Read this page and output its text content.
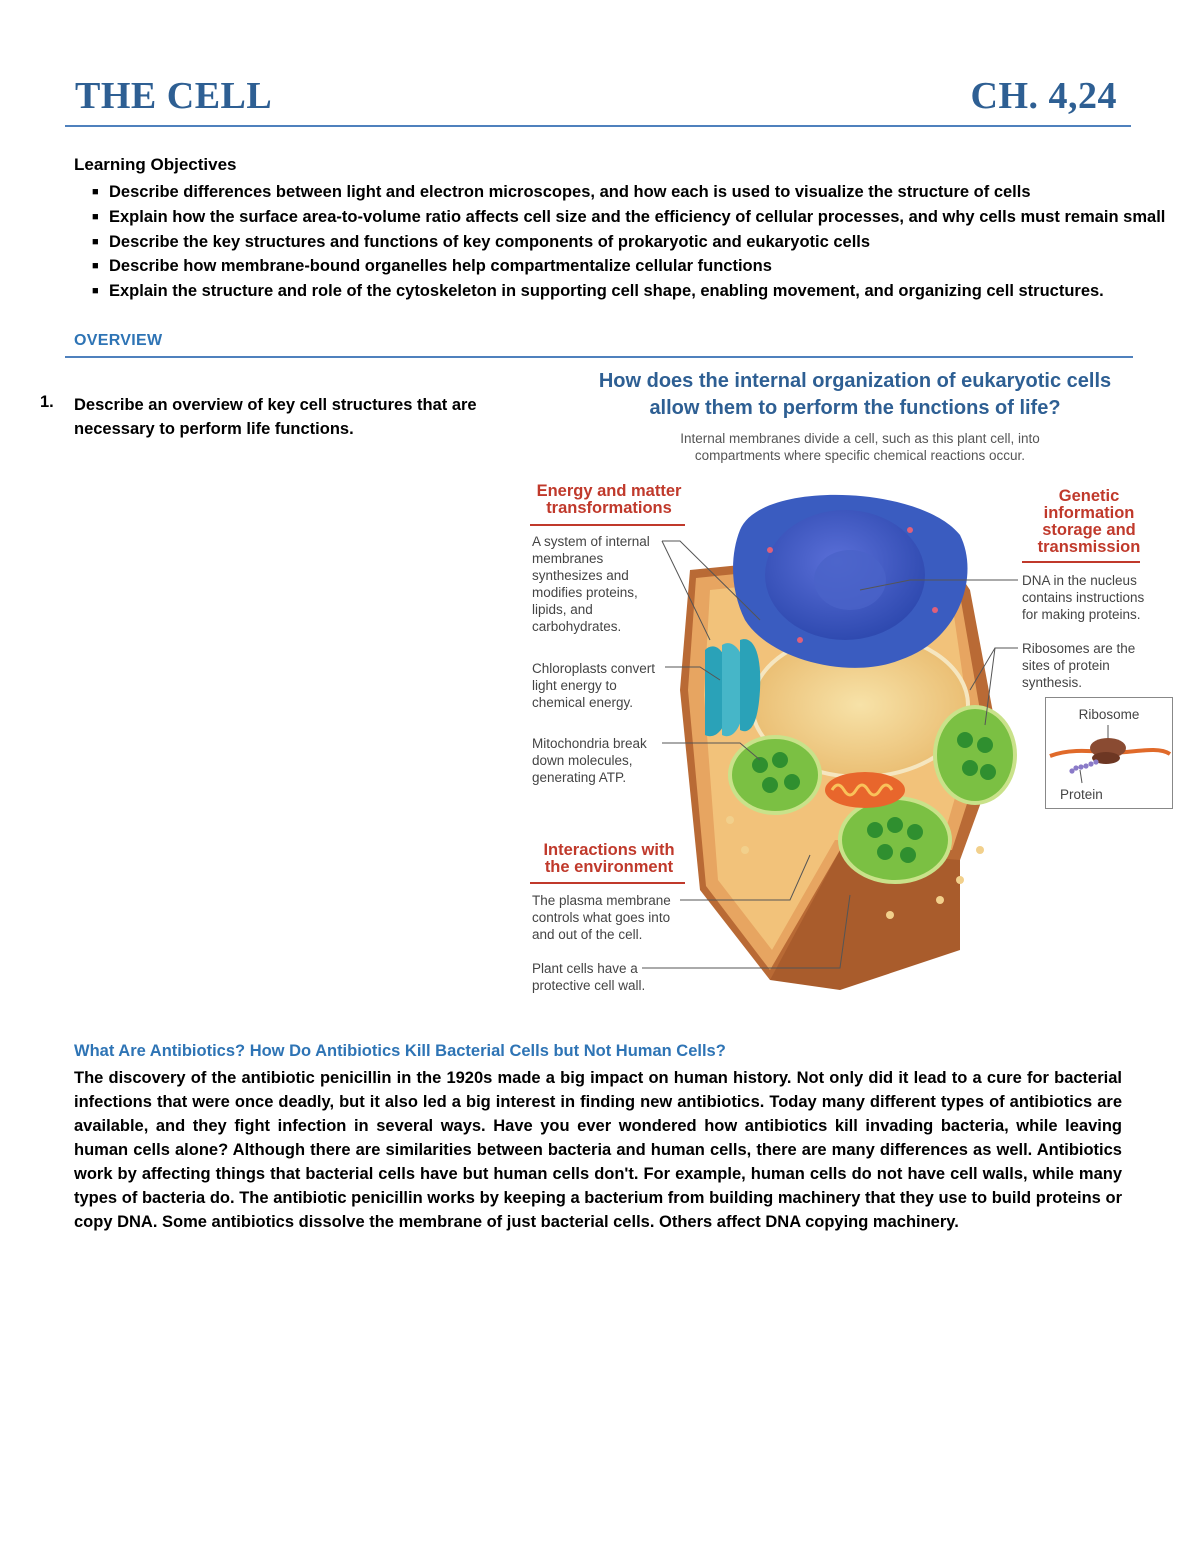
THE CELL	CH. 4,24
Learning Objectives
■ Describe differences between light and electron microscopes, and how each is used to visualize the structure of cells
■ Explain how the surface area-to-volume ratio affects cell size and the efficiency of cellular processes, and why cells must remain small
■ Describe the key structures and functions of key components of prokaryotic and eukaryotic cells
■ Describe how membrane-bound organelles help compartmentalize cellular functions
■ Explain the structure and role of the cytoskeleton in supporting cell shape, enabling movement, and organizing cell structures.
OVERVIEW
1. Describe an overview of key cell structures that are necessary to perform life functions.
How does the internal organization of eukaryotic cells
allow them to perform the functions of life?
Internal membranes divide a cell, such as this plant cell, into
compartments where specific chemical reactions occur.
Energy and matter
transformations
A system of internal
membranes
synthesizes and
modifies proteins,
lipids, and
carbohydrates.
Chloroplasts convert
light energy to
chemical energy.
Mitochondria break
down molecules,
generating ATP.
Interactions with
the environment
The plasma membrane
controls what goes into
and out of the cell.
Plant cells have a
protective cell wall.
Genetic
information
storage and
transmission
DNA in the nucleus
contains instructions
for making proteins.
Ribosomes are the
sites of protein
synthesis.
Ribosome
Protein
What Are Antibiotics? How Do Antibiotics Kill Bacterial Cells but Not Human Cells?
The discovery of the antibiotic penicillin in the 1920s made a big impact on human history. Not only did it lead to a cure for bacterial infections that were once deadly, but it also led a big interest in finding new antibiotics. Today many different types of antibiotics are available, and they fight infection in several ways. Have you ever wondered how antibiotics kill invading bacteria, while leaving human cells alone? Although there are similarities between bacteria and human cells, there are many differences as well. Antibiotics work by affecting things that bacterial cells have but human cells don't. For example, human cells do not have cell walls, while many types of bacteria do. The antibiotic penicillin works by keeping a bacterium from building machinery that they use to build proteins or copy DNA. Some antibiotics dissolve the membrane of just bacterial cells. Others affect DNA copying machinery.
